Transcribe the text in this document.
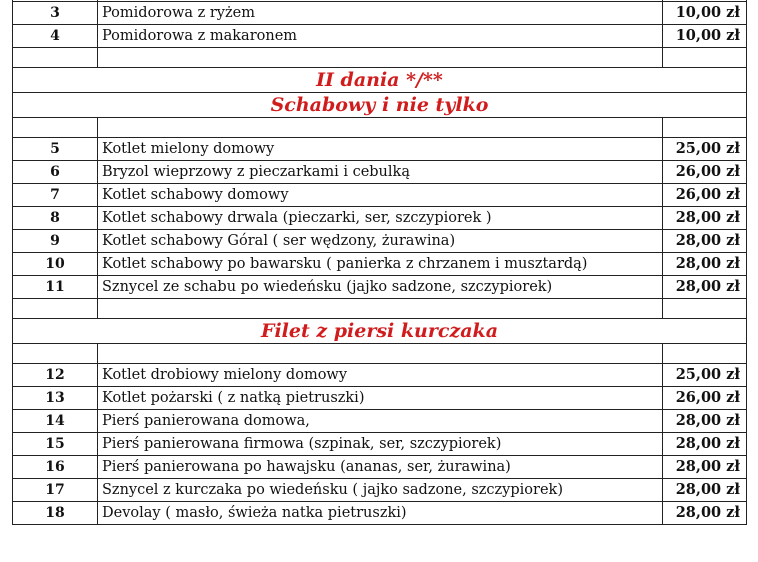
3	Pomidorowa z ryżem	10,00 zł
4	Pomidorowa z makaronem	10,00 zł

II dania */**		
Schabowy i nie tylko		

5	Kotlet mielony domowy	25,00 zł
6	Bryzol wieprzowy z pieczarkami i cebulką	26,00 zł
7	Kotlet schabowy domowy	26,00 zł
8	Kotlet schabowy drwala (pieczarki, ser, szczypiorek )	28,00 zł
9	Kotlet schabowy Góral ( ser wędzony, żurawina)	28,00 zł
10	Kotlet schabowy po bawarsku ( panierka z chrzanem i musztardą)	28,00 zł
11	Sznycel ze schabu po wiedeńsku (jajko sadzone, szczypiorek)	28,00 zł

Filet z piersi kurczaka		

12	Kotlet drobiowy mielony domowy	25,00 zł
13	Kotlet pożarski ( z natką pietruszki)	26,00 zł
14	Pierś panierowana domowa,	28,00 zł
15	Pierś panierowana firmowa (szpinak, ser, szczypiorek)	28,00 zł
16	Pierś panierowana po hawajsku (ananas, ser, żurawina)	28,00 zł
17	Sznycel z kurczaka po wiedeńsku ( jajko sadzone, szczypiorek)	28,00 zł
18	Devolay ( masło, świeża natka pietruszki)	28,00 zł
